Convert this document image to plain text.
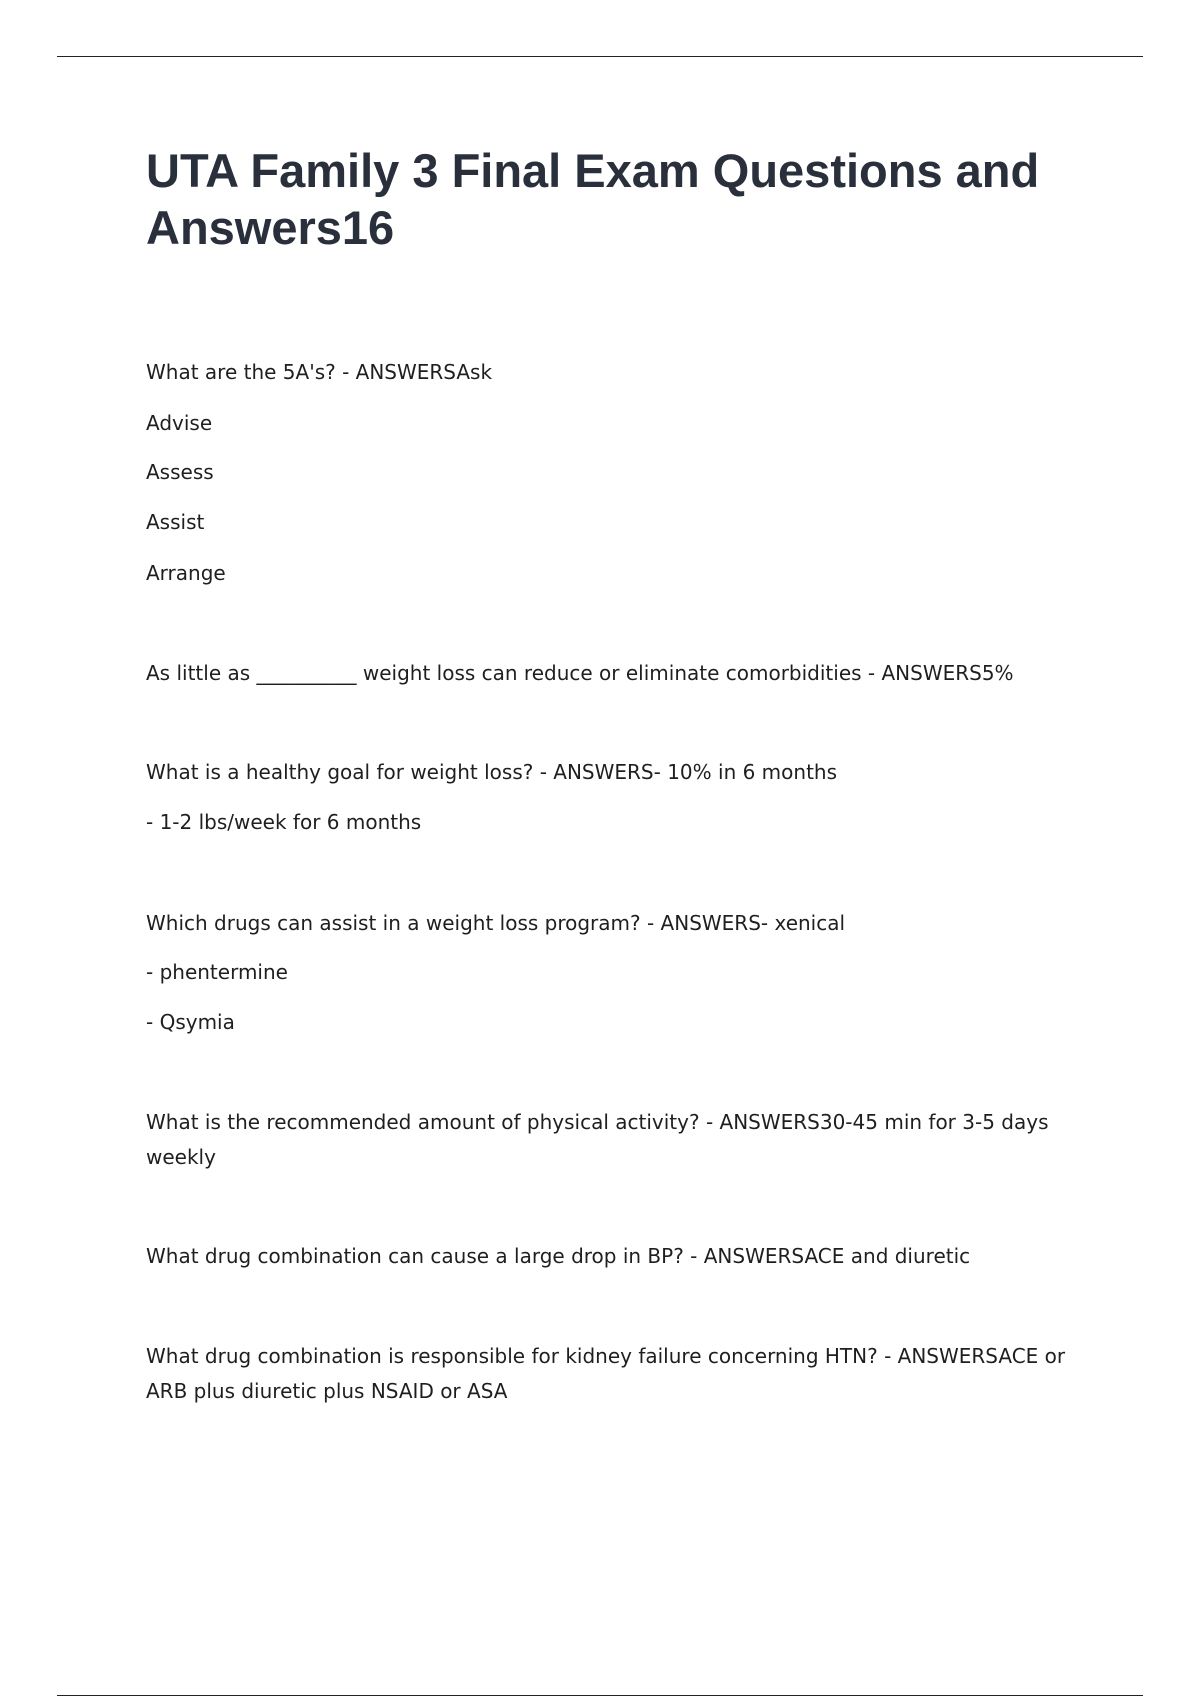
UTA Family 3 Final Exam Questions and Answers16

What are the 5A's? - ANSWERSAsk

Advise

Assess

Assist

Arrange

As little as __________ weight loss can reduce or eliminate comorbidities - ANSWERS5%

What is a healthy goal for weight loss? - ANSWERS- 10% in 6 months

- 1-2 lbs/week for 6 months

Which drugs can assist in a weight loss program? - ANSWERS- xenical

- phentermine

- Qsymia

What is the recommended amount of physical activity? - ANSWERS30-45 min for 3-5 days weekly

What drug combination can cause a large drop in BP? - ANSWERSACE and diuretic

What drug combination is responsible for kidney failure concerning HTN? - ANSWERSACE or ARB plus diuretic plus NSAID or ASA
